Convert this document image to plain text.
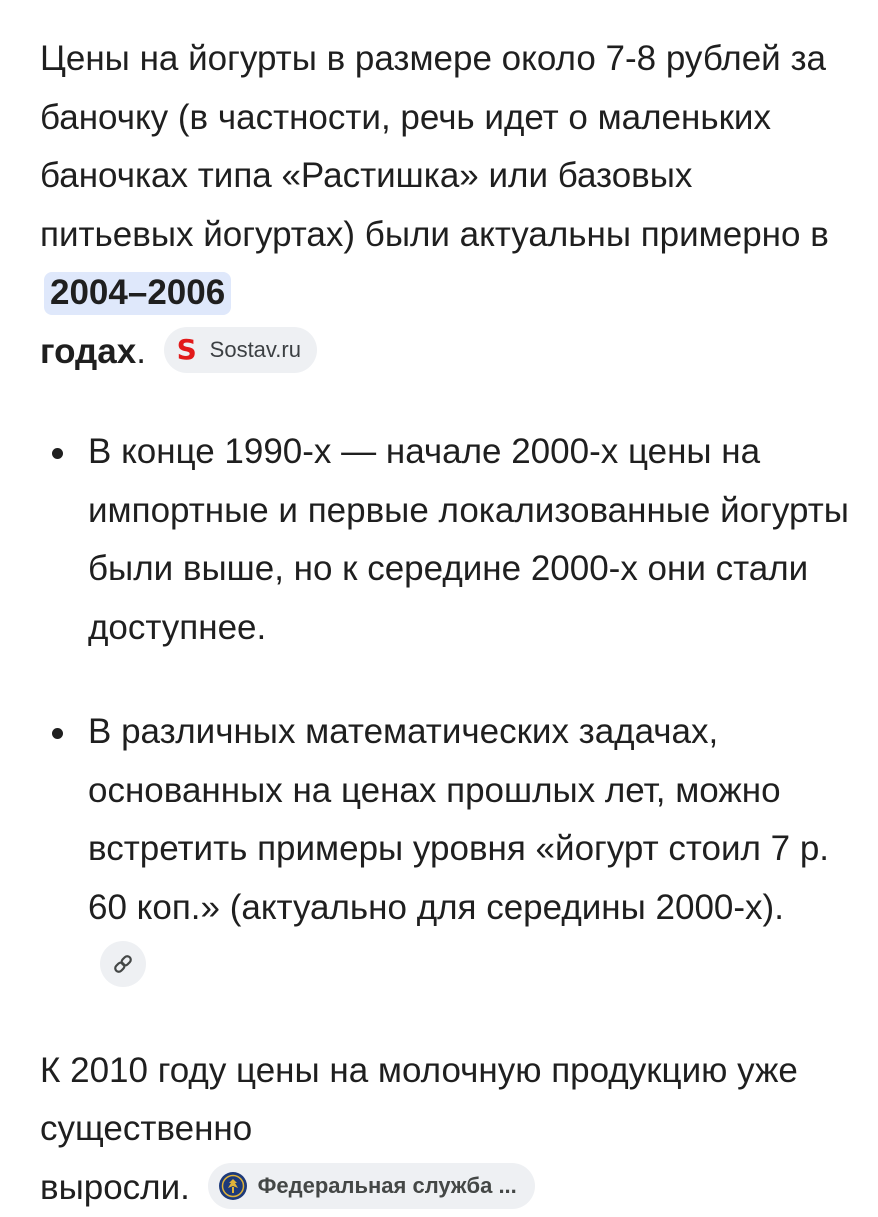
Цены на йогурты в размере около 7-8 рублей за баночку (в частности, речь идет о маленьких баночках типа «Растишка» или базовых питьевых йогуртах) были актуальны примерно в 2004–2006
годах. S Sostav.ru

В конце 1990-х — начале 2000-х цены на импортные и первые локализованные йогурты были выше, но к середине 2000-х они стали доступнее.
В различных математических задачах, основанных на ценах прошлых лет, можно встретить примеры уровня «йогурт стоил 7 р. 60 коп.» (актуально для середины 2000-х).

К 2010 году цены на молочную продукцию уже существенно
выросли.	Федеральная служба ...
